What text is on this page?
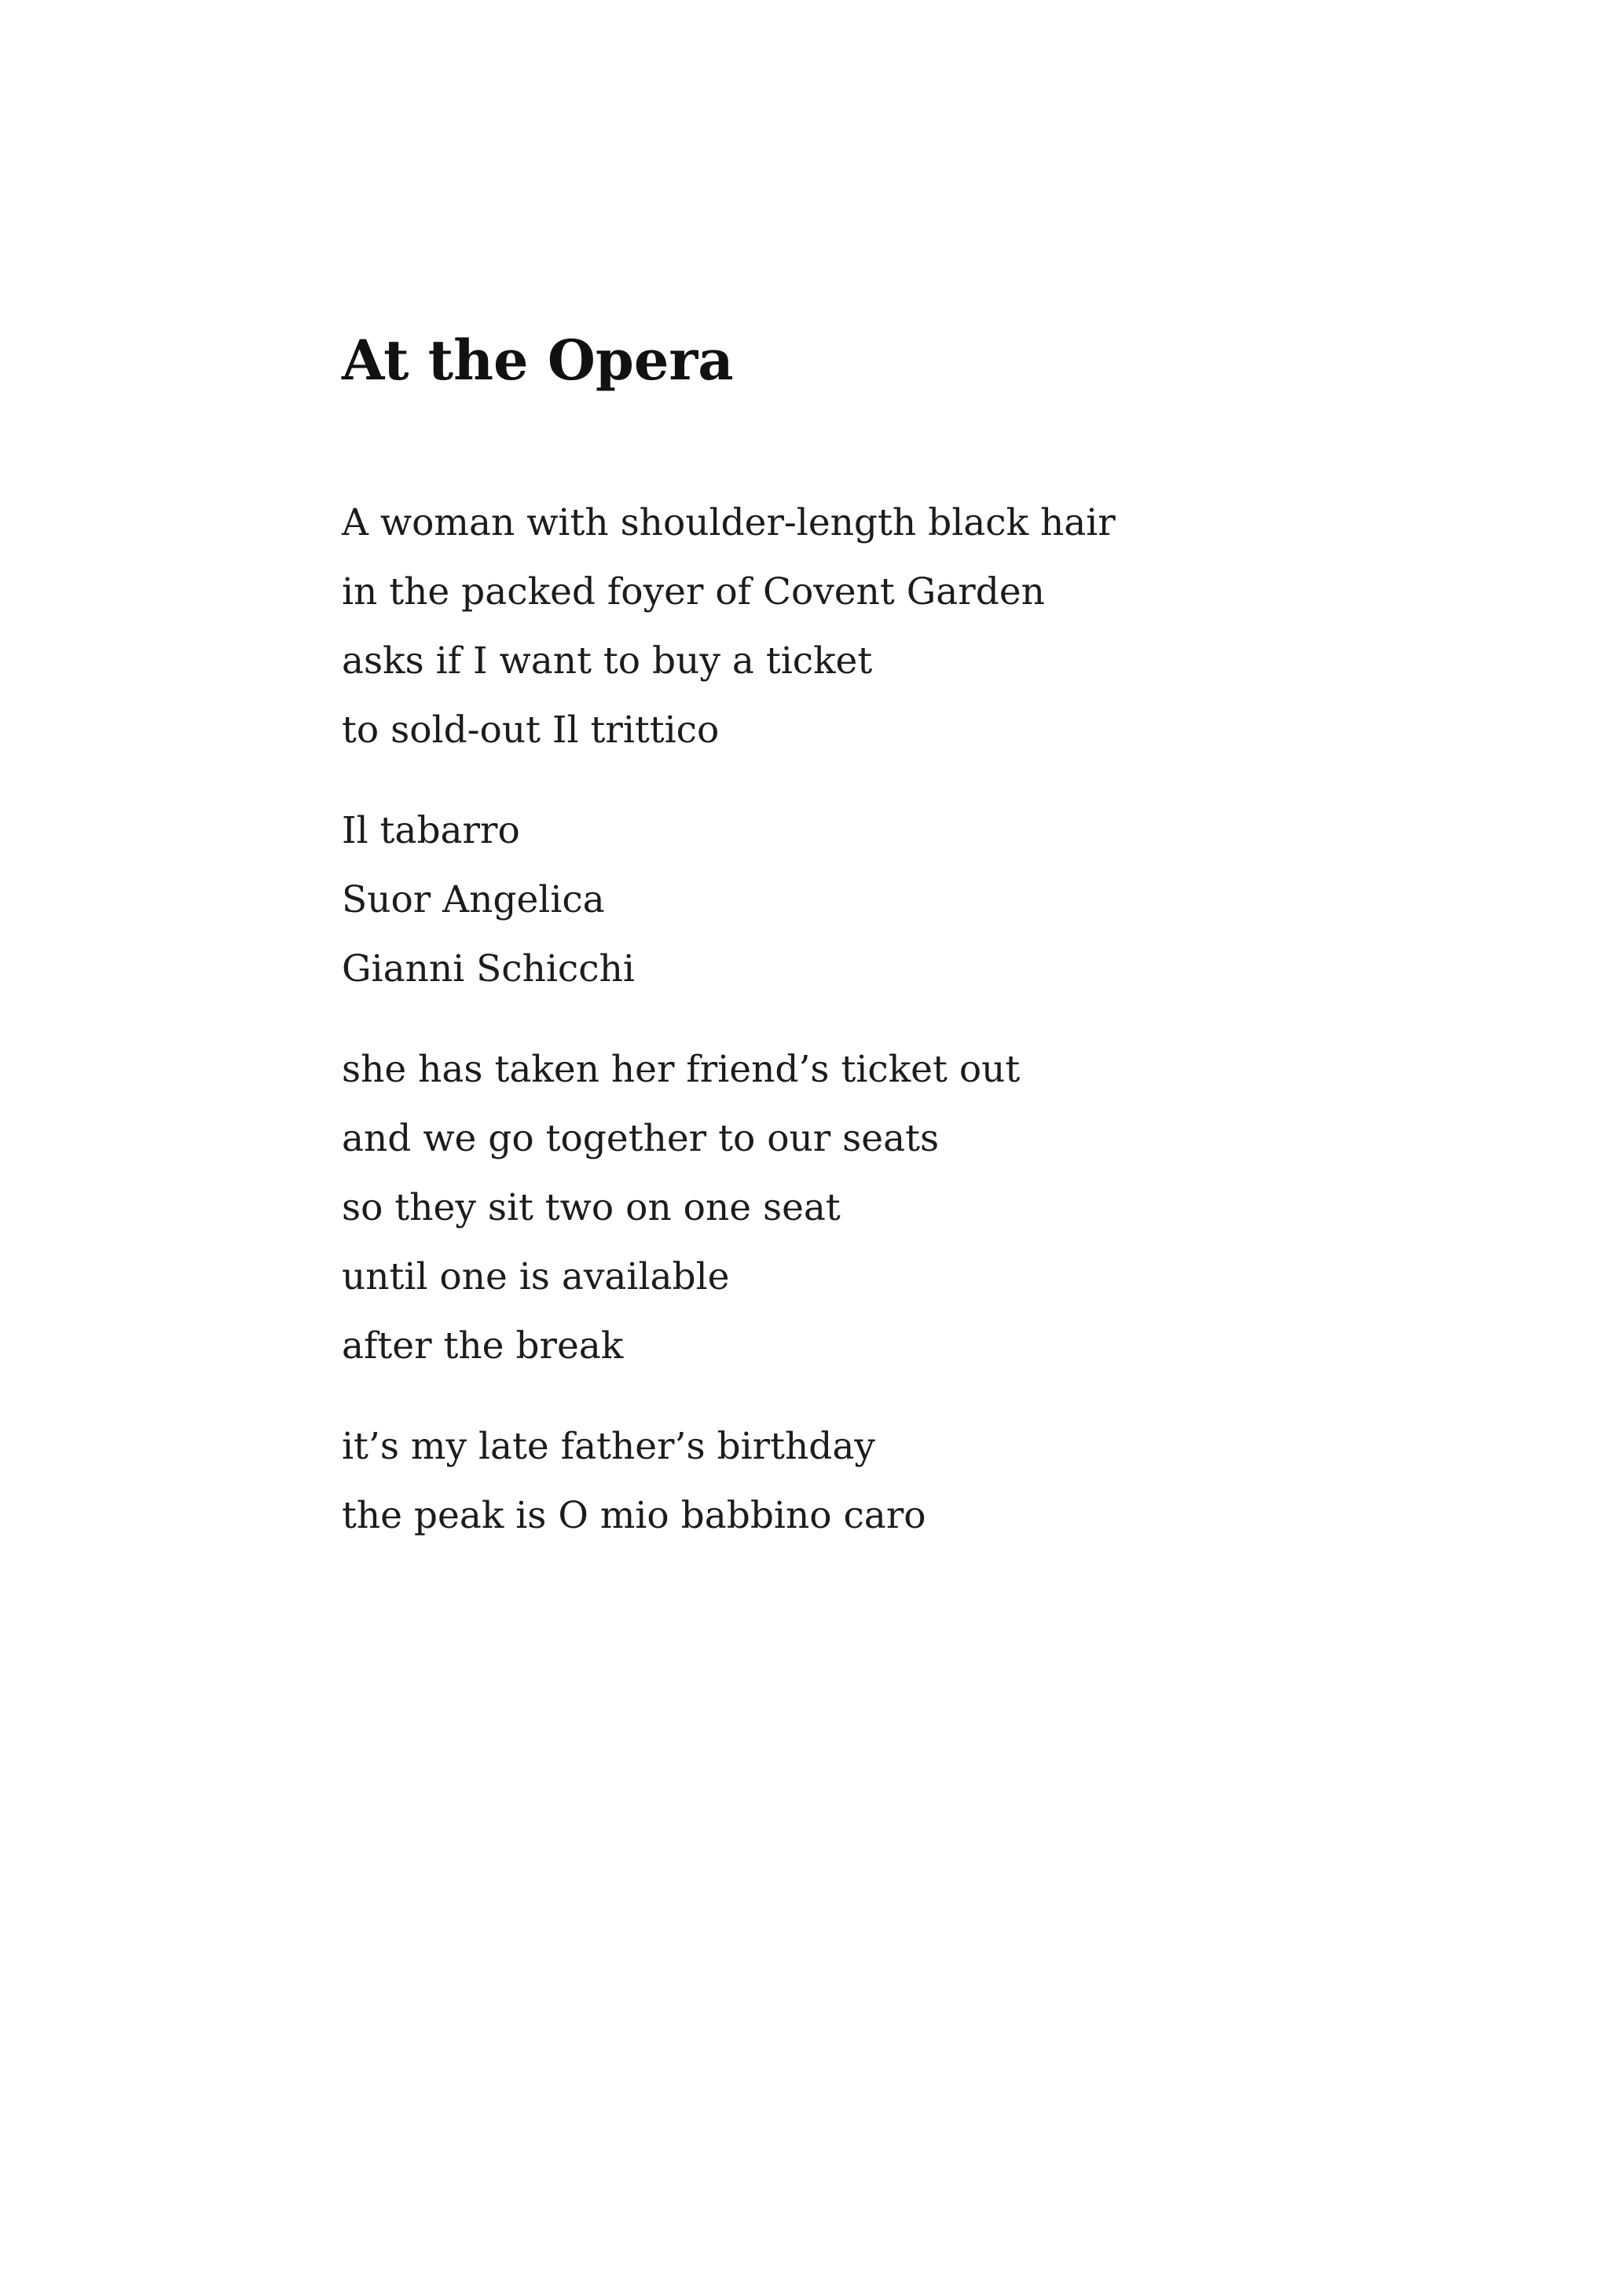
At the Opera

A woman with shoulder-length black hair
in the packed foyer of Covent Garden
asks if I want to buy a ticket
to sold-out Il trittico

Il tabarro
Suor Angelica
Gianni Schicchi

she has taken her friend’s ticket out
and we go together to our seats
so they sit two on one seat
until one is available
after the break

it’s my late father’s birthday
the peak is O mio babbino caro
